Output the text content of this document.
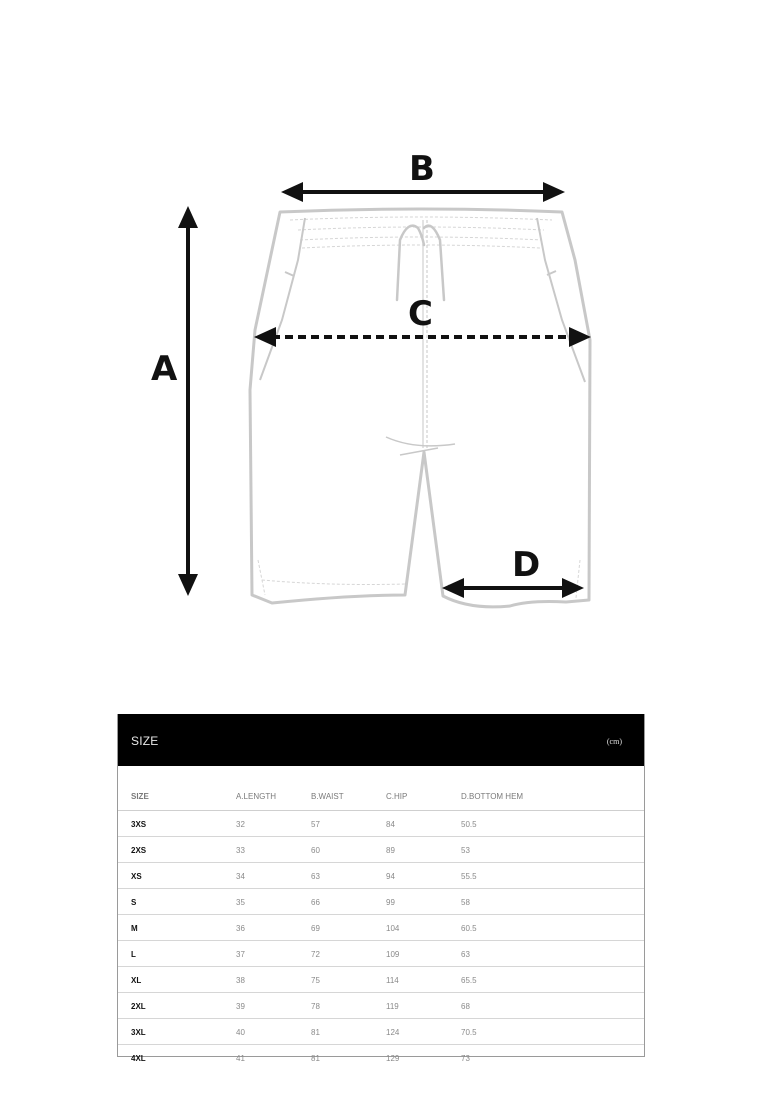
A
B
C
D
SIZE	(cm)
SIZE	A.LENGTH	B.WAIST	C.HIP	D.BOTTOM HEM
3XS	32	57	84	50.5
2XS	33	60	89	53
XS	34	63	94	55.5
S	35	66	99	58
M	36	69	104	60.5
L	37	72	109	63
XL	38	75	114	65.5
2XL	39	78	119	68
3XL	40	81	124	70.5
4XL	41	81	129	73
